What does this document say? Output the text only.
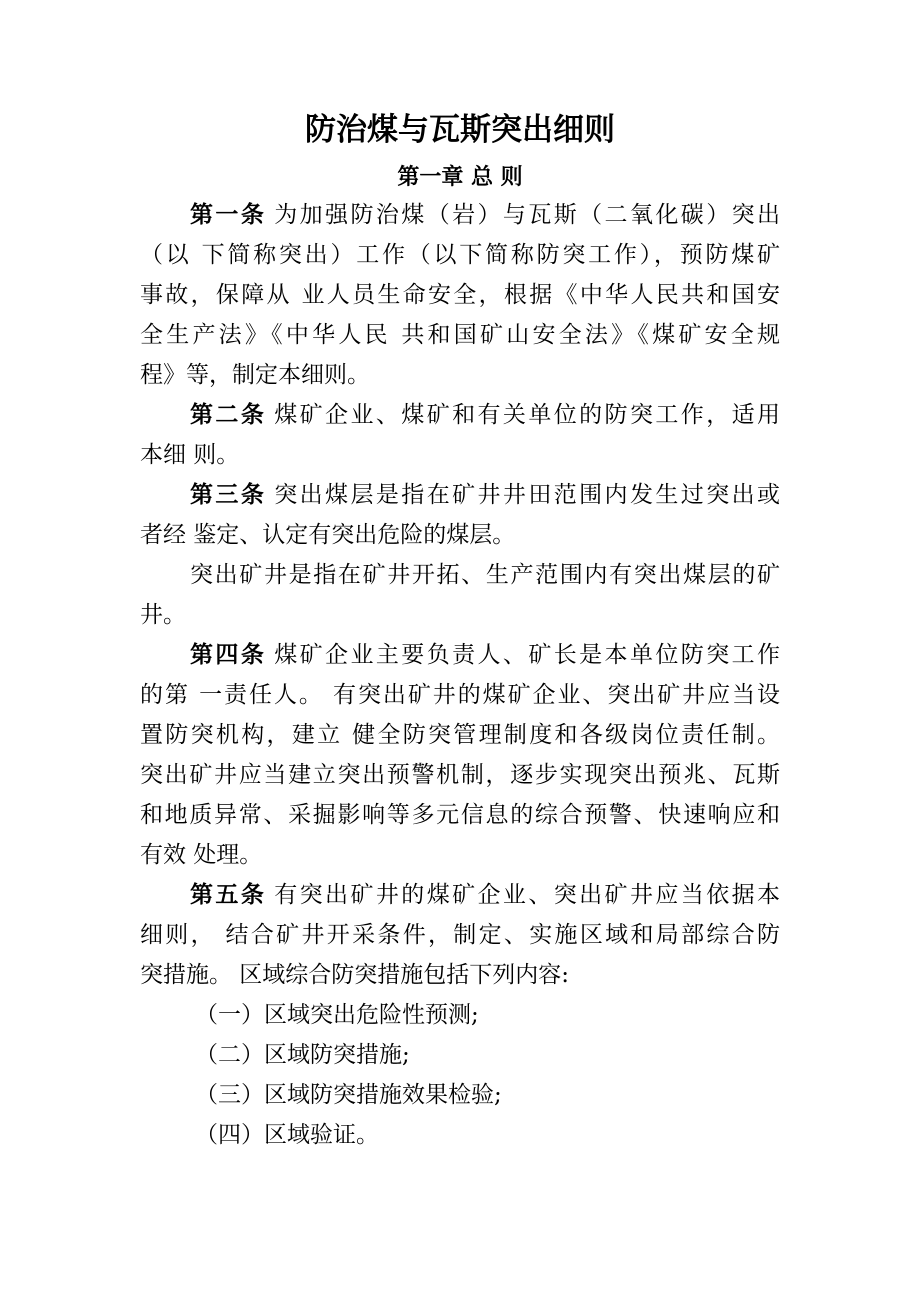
防治煤与瓦斯突出细则
第一章 总 则
第一条 为加强防治煤（岩）与瓦斯（二氧化碳）突出
（以 下简称突出）工作（以下简称防突工作），预防煤矿
事故，保障从 业人员生命安全，根据《中华人民共和国安
全生产法》《中华人民 共和国矿山安全法》《煤矿安全规
程》等，制定本细则。
第二条 煤矿企业、煤矿和有关单位的防突工作，适用
本细 则。
第三条 突出煤层是指在矿井井田范围内发生过突出或
者经 鉴定、认定有突出危险的煤层。
突出矿井是指在矿井开拓、生产范围内有突出煤层的矿
井。
第四条 煤矿企业主要负责人、矿长是本单位防突工作
的第 一责任人。 有突出矿井的煤矿企业、突出矿井应当设
置防突机构，建立 健全防突管理制度和各级岗位责任制。
突出矿井应当建立突出预警机制，逐步实现突出预兆、瓦斯
和地质异常、采掘影响等多元信息的综合预警、快速响应和
有效 处理。
第五条 有突出矿井的煤矿企业、突出矿井应当依据本
细则， 结合矿井开采条件，制定、实施区域和局部综合防
突措施。 区域综合防突措施包括下列内容:
（一）区域突出危险性预测;
（二）区域防突措施;
（三）区域防突措施效果检验;
（四）区域验证。
